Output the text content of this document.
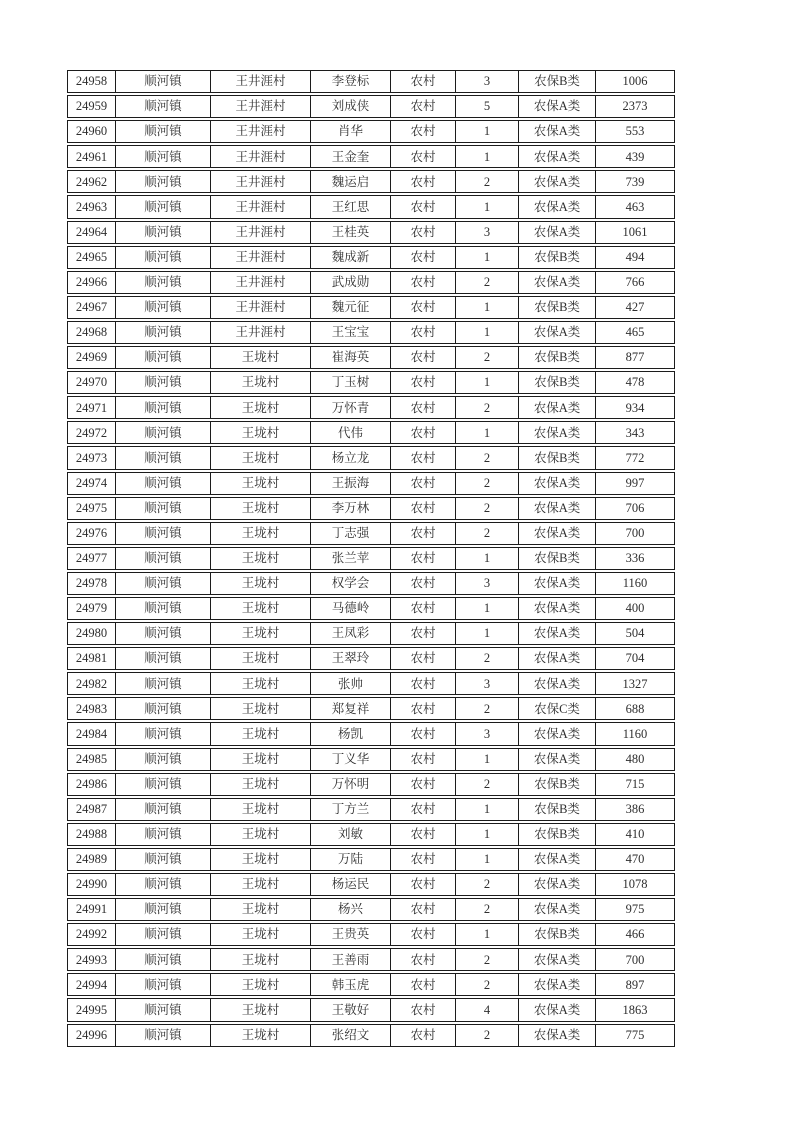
24958	顺河镇	王井涯村	李登标	农村	3	农保B类	1006
24959	顺河镇	王井涯村	刘成侠	农村	5	农保A类	2373
24960	顺河镇	王井涯村	肖华	农村	1	农保A类	553
24961	顺河镇	王井涯村	王金奎	农村	1	农保A类	439
24962	顺河镇	王井涯村	魏运启	农村	2	农保A类	739
24963	顺河镇	王井涯村	王红思	农村	1	农保A类	463
24964	顺河镇	王井涯村	王桂英	农村	3	农保A类	1061
24965	顺河镇	王井涯村	魏成新	农村	1	农保B类	494
24966	顺河镇	王井涯村	武成勋	农村	2	农保A类	766
24967	顺河镇	王井涯村	魏元征	农村	1	农保B类	427
24968	顺河镇	王井涯村	王宝宝	农村	1	农保A类	465
24969	顺河镇	王垅村	崔海英	农村	2	农保B类	877
24970	顺河镇	王垅村	丁玉树	农村	1	农保B类	478
24971	顺河镇	王垅村	万怀青	农村	2	农保A类	934
24972	顺河镇	王垅村	代伟	农村	1	农保A类	343
24973	顺河镇	王垅村	杨立龙	农村	2	农保B类	772
24974	顺河镇	王垅村	王振海	农村	2	农保A类	997
24975	顺河镇	王垅村	李万林	农村	2	农保A类	706
24976	顺河镇	王垅村	丁志强	农村	2	农保A类	700
24977	顺河镇	王垅村	张兰苹	农村	1	农保B类	336
24978	顺河镇	王垅村	权学会	农村	3	农保A类	1160
24979	顺河镇	王垅村	马德岭	农村	1	农保A类	400
24980	顺河镇	王垅村	王凤彩	农村	1	农保A类	504
24981	顺河镇	王垅村	王翠玲	农村	2	农保A类	704
24982	顺河镇	王垅村	张帅	农村	3	农保A类	1327
24983	顺河镇	王垅村	郑复祥	农村	2	农保C类	688
24984	顺河镇	王垅村	杨凯	农村	3	农保A类	1160
24985	顺河镇	王垅村	丁义华	农村	1	农保A类	480
24986	顺河镇	王垅村	万怀明	农村	2	农保B类	715
24987	顺河镇	王垅村	丁方兰	农村	1	农保B类	386
24988	顺河镇	王垅村	刘敏	农村	1	农保B类	410
24989	顺河镇	王垅村	万陆	农村	1	农保A类	470
24990	顺河镇	王垅村	杨运民	农村	2	农保A类	1078
24991	顺河镇	王垅村	杨兴	农村	2	农保A类	975
24992	顺河镇	王垅村	王贵英	农村	1	农保B类	466
24993	顺河镇	王垅村	王善雨	农村	2	农保A类	700
24994	顺河镇	王垅村	韩玉虎	农村	2	农保A类	897
24995	顺河镇	王垅村	王敬好	农村	4	农保A类	1863
24996	顺河镇	王垅村	张绍文	农村	2	农保A类	775
